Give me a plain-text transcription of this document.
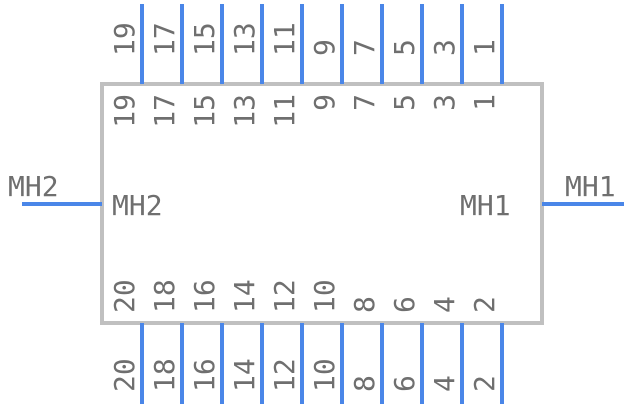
MH2
MH2
MH1
MH1
19
19
17
17
15
15
13
13
11
11
9
9
7
7
5
5
3
3
1
1
20
20
18
18
16
16
14
14
12
12
10
10
8
8
6
6
4
4
2
2
